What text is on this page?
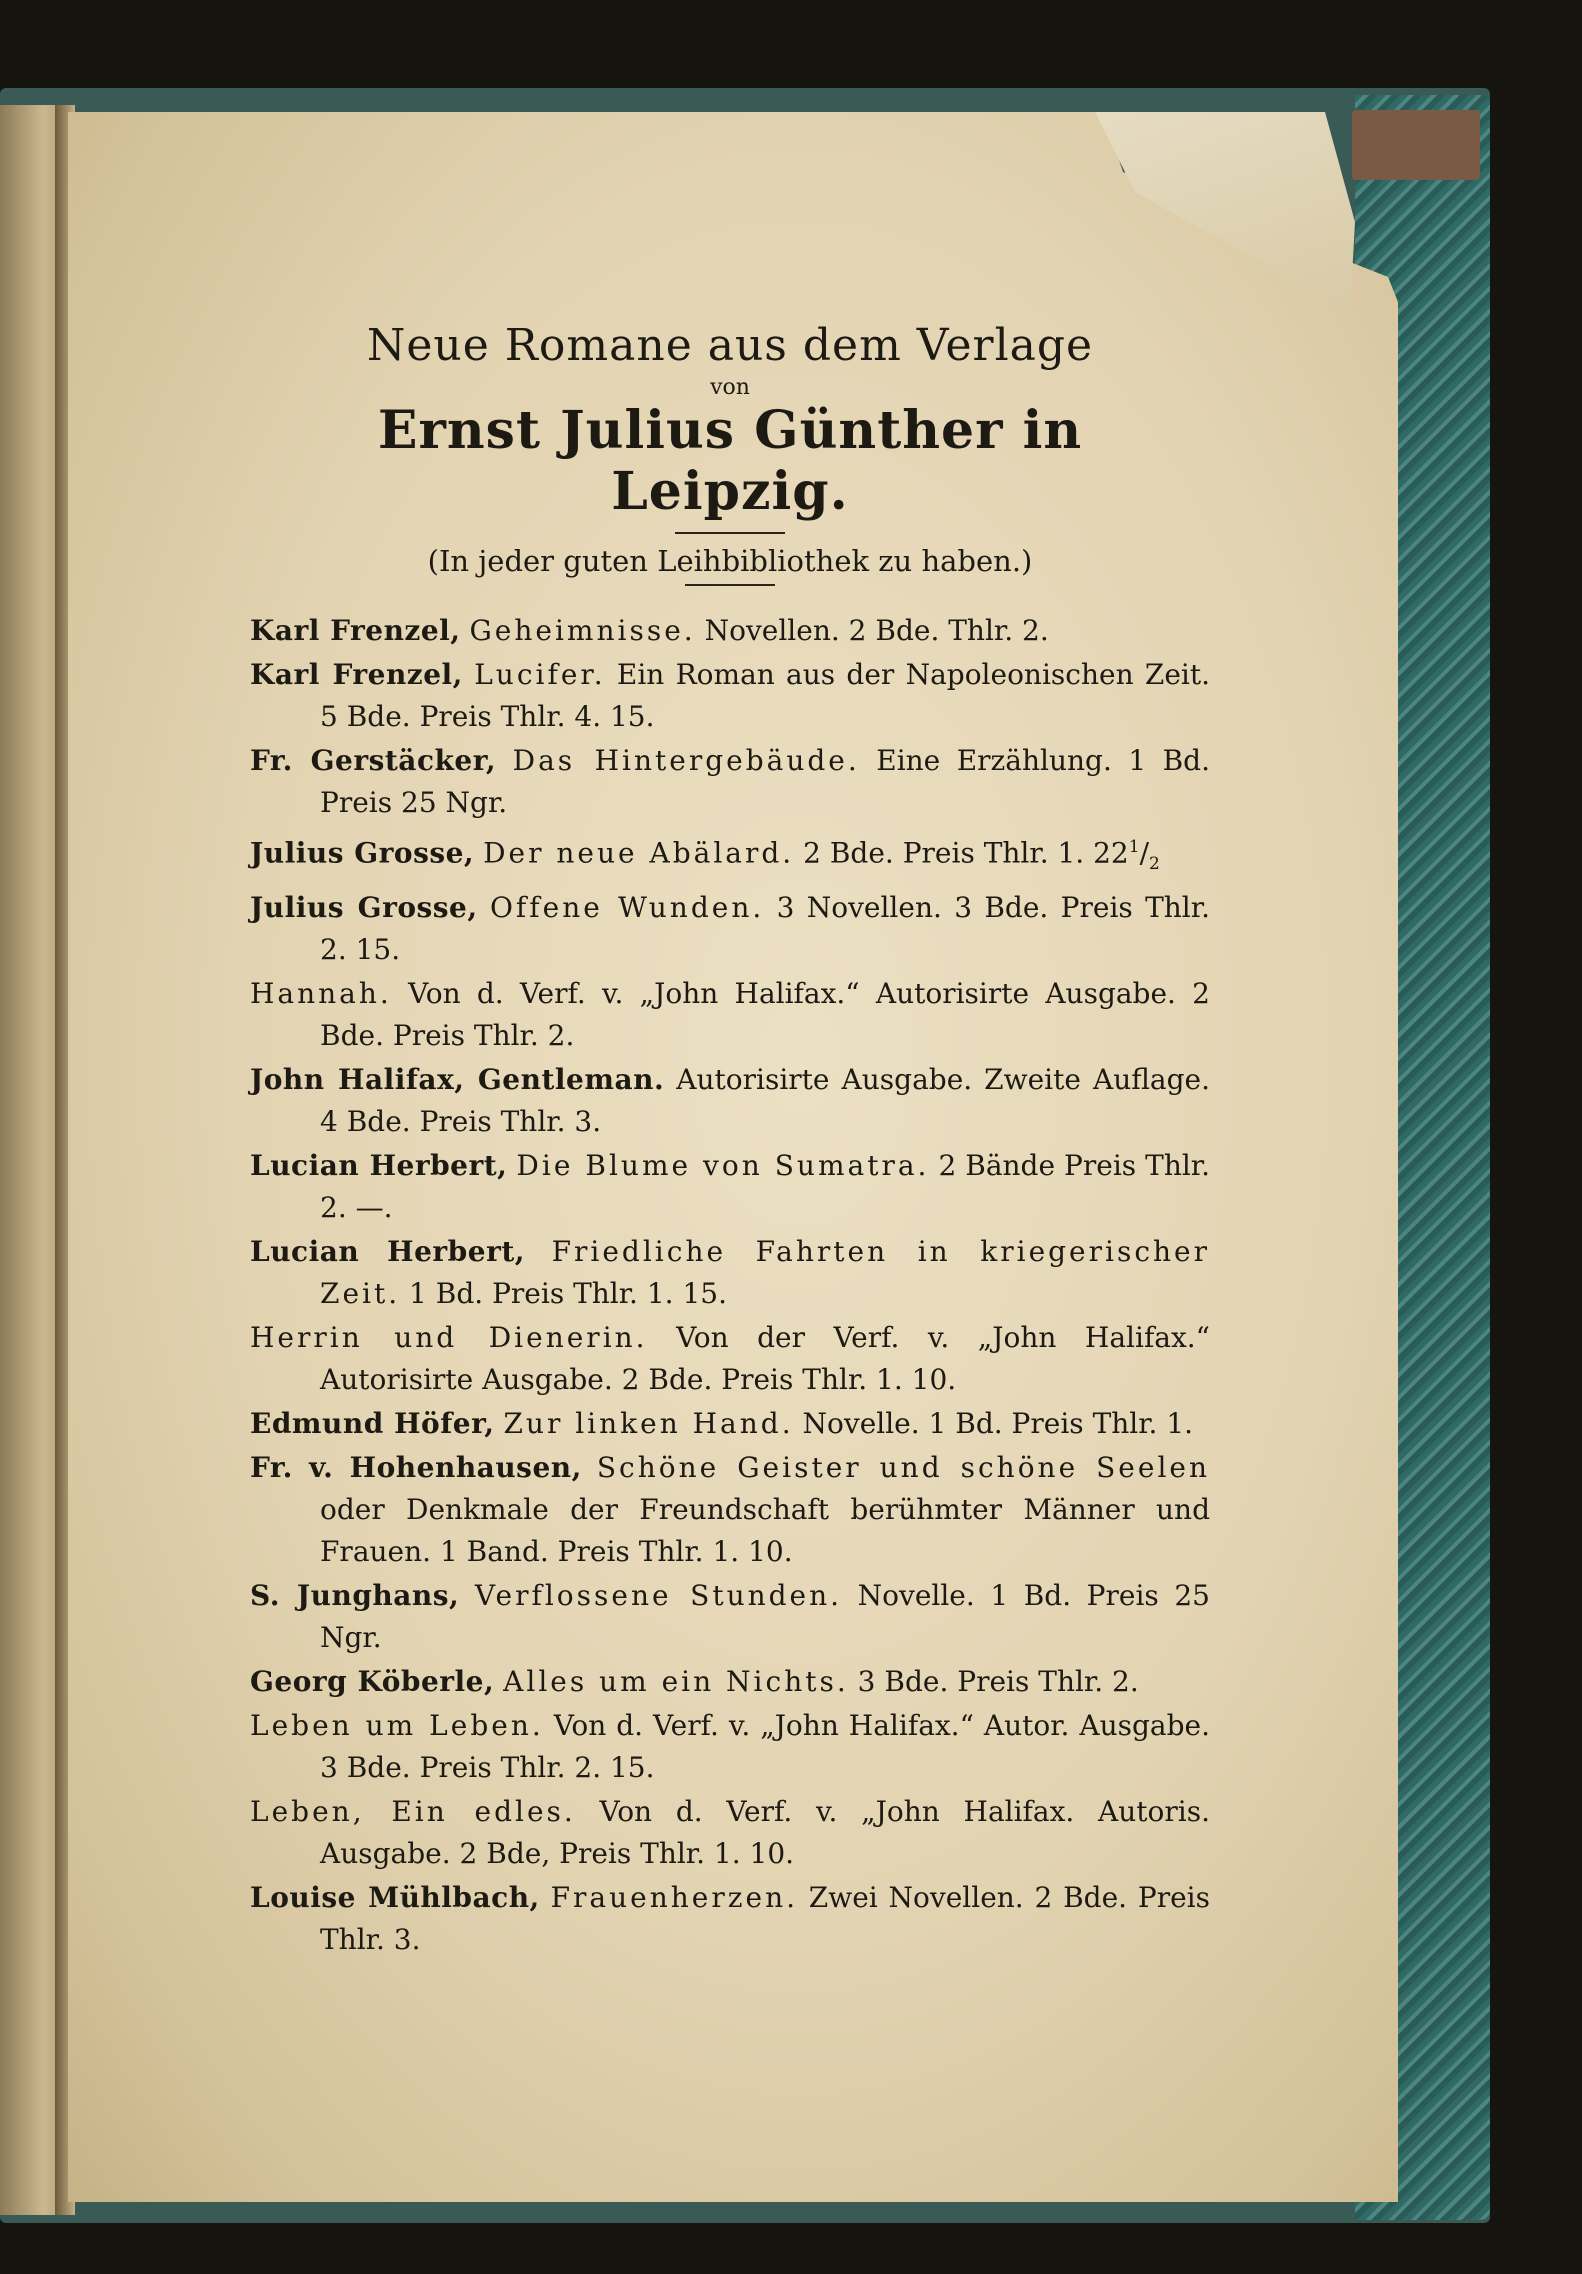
Neue Romane aus dem Verlage

von

Ernst Julius Günther in Leipzig.

(In jeder guten Leihbibliothek zu haben.)

Karl Frenzel, Geheimnisse. Novellen. 2 Bde. Thlr. 2.

Karl Frenzel, Lucifer. Ein Roman aus der Napoleonischen Zeit. 5 Bde. Preis Thlr. 4. 15.

Fr. Gerstäcker, Das Hintergebäude. Eine Erzählung. 1 Bd. Preis 25 Ngr.

Julius Grosse, Der neue Abälard. 2 Bde. Preis Thlr. 1. $22^1/_2$

Julius Grosse, Offene Wunden. 3 Novellen. 3 Bde. Preis Thlr. 2. 15.

Hannah. Von d. Verf. v. „John Halifax.“ Autorisirte Ausgabe. 2 Bde. Preis Thlr. 2.

John Halifax, Gentleman. Autorisirte Ausgabe. Zweite Auflage. 4 Bde. Preis Thlr. 3.

Lucian Herbert, Die Blume von Sumatra. 2 Bände Preis Thlr. 2. —.

Lucian Herbert, Friedliche Fahrten in kriegerischer Zeit. 1 Bd. Preis Thlr. 1. 15.

Herrin und Dienerin. Von der Verf. v. „John Halifax.“ Autorisirte Ausgabe. 2 Bde. Preis Thlr. 1. 10.

Edmund Höfer, Zur linken Hand. Novelle. 1 Bd. Preis Thlr. 1.

Fr. v. Hohenhausen, Schöne Geister und schöne Seelen oder Denkmale der Freundschaft berühmter Männer und Frauen. 1 Band. Preis Thlr. 1. 10.

S. Junghans, Verflossene Stunden. Novelle. 1 Bd. Preis 25 Ngr.

Georg Köberle, Alles um ein Nichts. 3 Bde. Preis Thlr. 2.

Leben um Leben. Von d. Verf. v. „John Halifax.“ Autor. Ausgabe. 3 Bde. Preis Thlr. 2. 15.

Leben, Ein edles. Von d. Verf. v. „John Halifax. Autoris. Ausgabe. 2 Bde, Preis Thlr. 1. 10.

Louise Mühlbach, Frauenherzen. Zwei Novellen. 2 Bde. Preis Thlr. 3.
